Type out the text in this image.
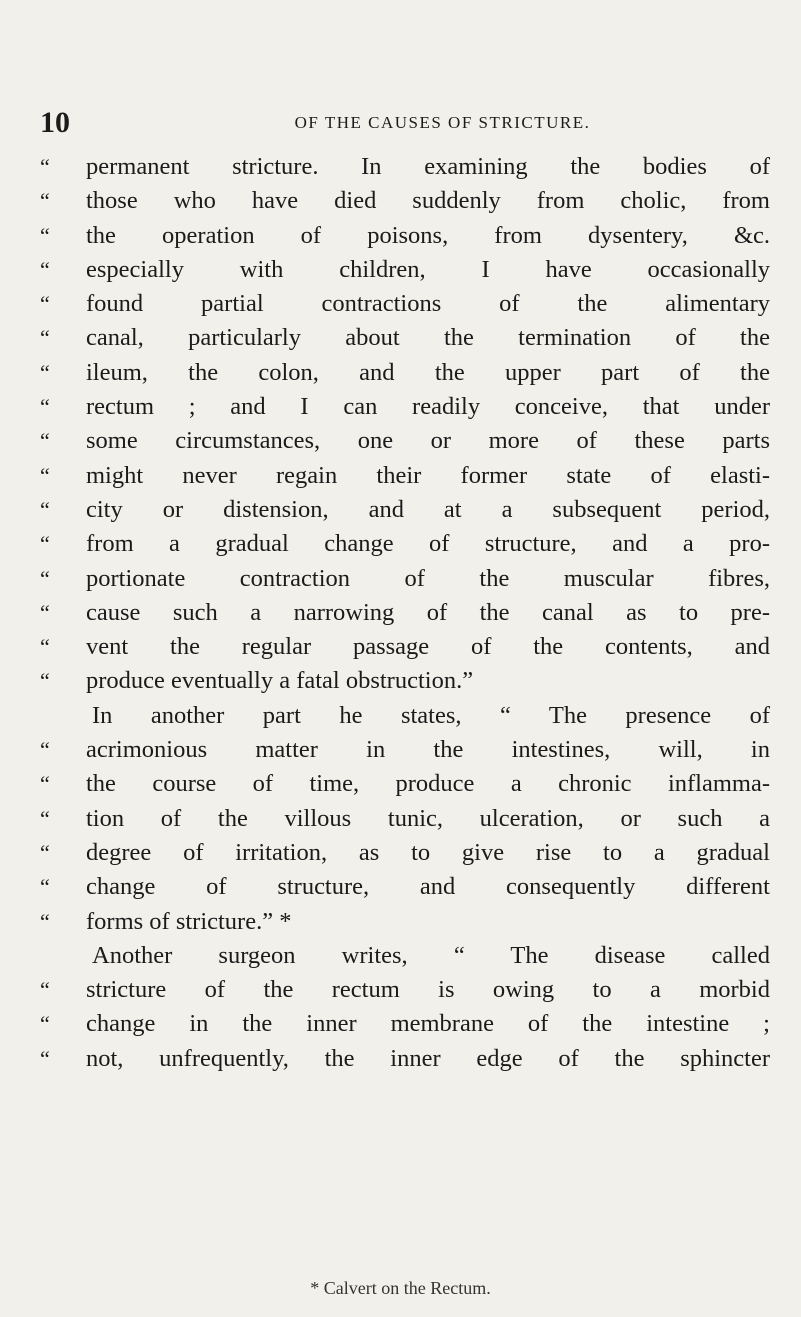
10	OF THE CAUSES OF STRICTURE.
“	permanent stricture. In examining the bodies of
“	those who have died suddenly from cholic, from
“	the operation of poisons, from dysentery, &c.
“	especially with children, I have occasionally
“	found partial contractions of the alimentary
“	canal, particularly about the termination of the
“	ileum, the colon, and the upper part of the
“	rectum ; and I can readily conceive, that under
“	some circumstances, one or more of these parts
“	might never regain their former state of elasti-
“	city or distension, and at a subsequent period,
“	from a gradual change of structure, and a pro-
“	portionate contraction of the muscular fibres,
“	cause such a narrowing of the canal as to pre-
“	vent the regular passage of the contents, and
“	produce eventually a fatal obstruction.”
In another part he states, “ The presence of
“	acrimonious matter in the intestines, will, in
“	the course of time, produce a chronic inflamma-
“	tion of the villous tunic, ulceration, or such a
“	degree of irritation, as to give rise to a gradual
“	change of structure, and consequently different
“	forms of stricture.” *
Another surgeon writes, “ The disease called
“	stricture of the rectum is owing to a morbid
“	change in the inner membrane of the intestine ;
“	not, unfrequently, the inner edge of the sphincter
* Calvert on the Rectum.
